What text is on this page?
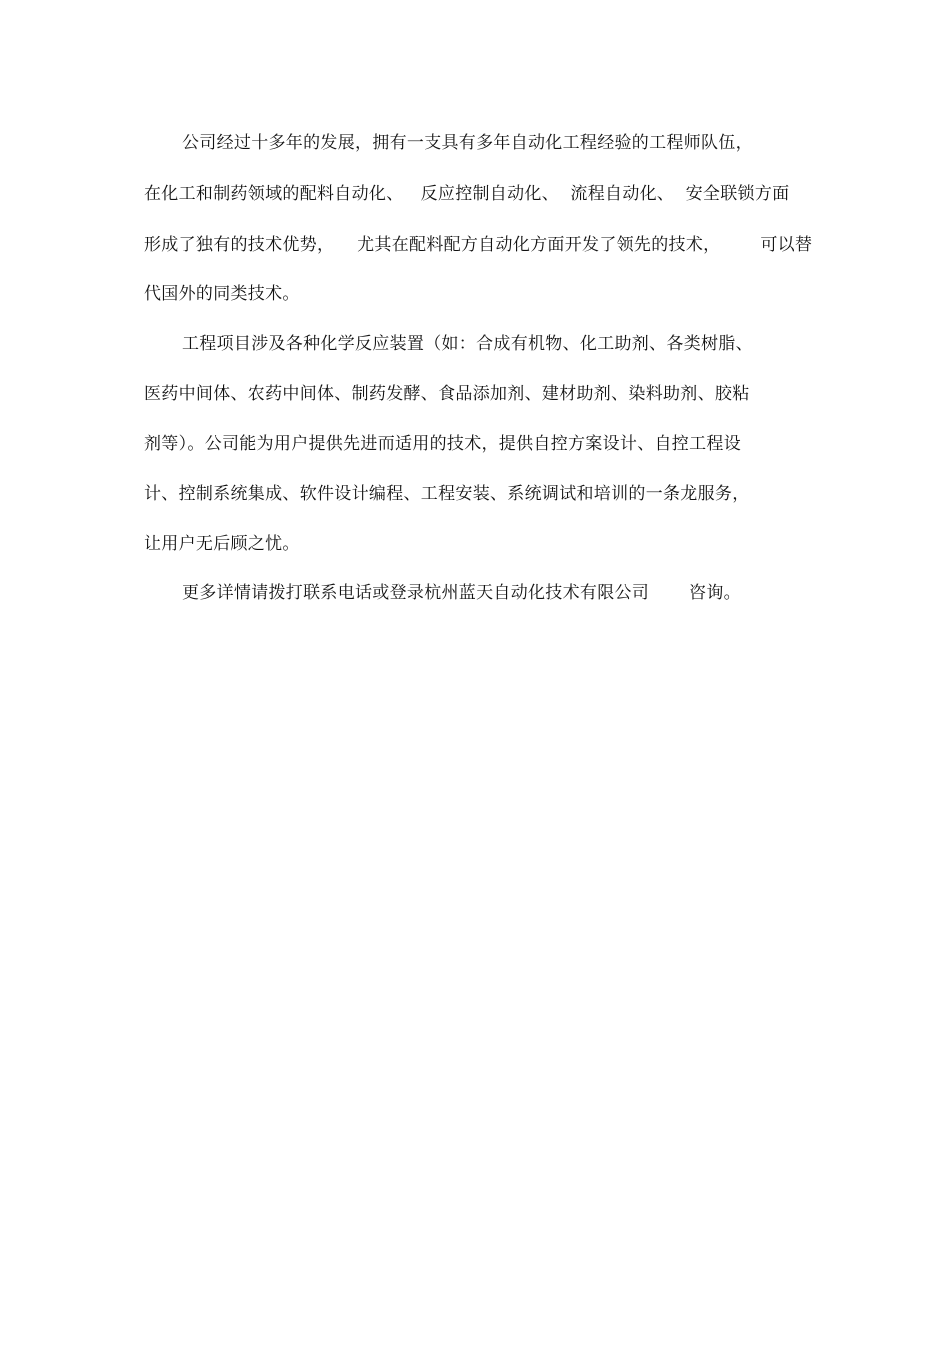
公司经过十多年的发展，拥有一支具有多年自动化工程经验的工程师队伍，
在化工和制药领域的配料自动化、   反应控制自动化、  流程自动化、  安全联锁方面
形成了独有的技术优势，    尤其在配料配方自动化方面开发了领先的技术，       可以替
代国外的同类技术。
工程项目涉及各种化学反应装置（如：合成有机物、化工助剂、各类树脂、
医药中间体、农药中间体、制药发酵、食品添加剂、建材助剂、染料助剂、胶粘
剂等）。公司能为用户提供先进而适用的技术，提供自控方案设计、自控工程设
计、控制系统集成、软件设计编程、工程安装、系统调试和培训的一条龙服务，
让用户无后顾之忧。
更多详情请拨打联系电话或登录杭州蓝天自动化技术有限公司       咨询。
